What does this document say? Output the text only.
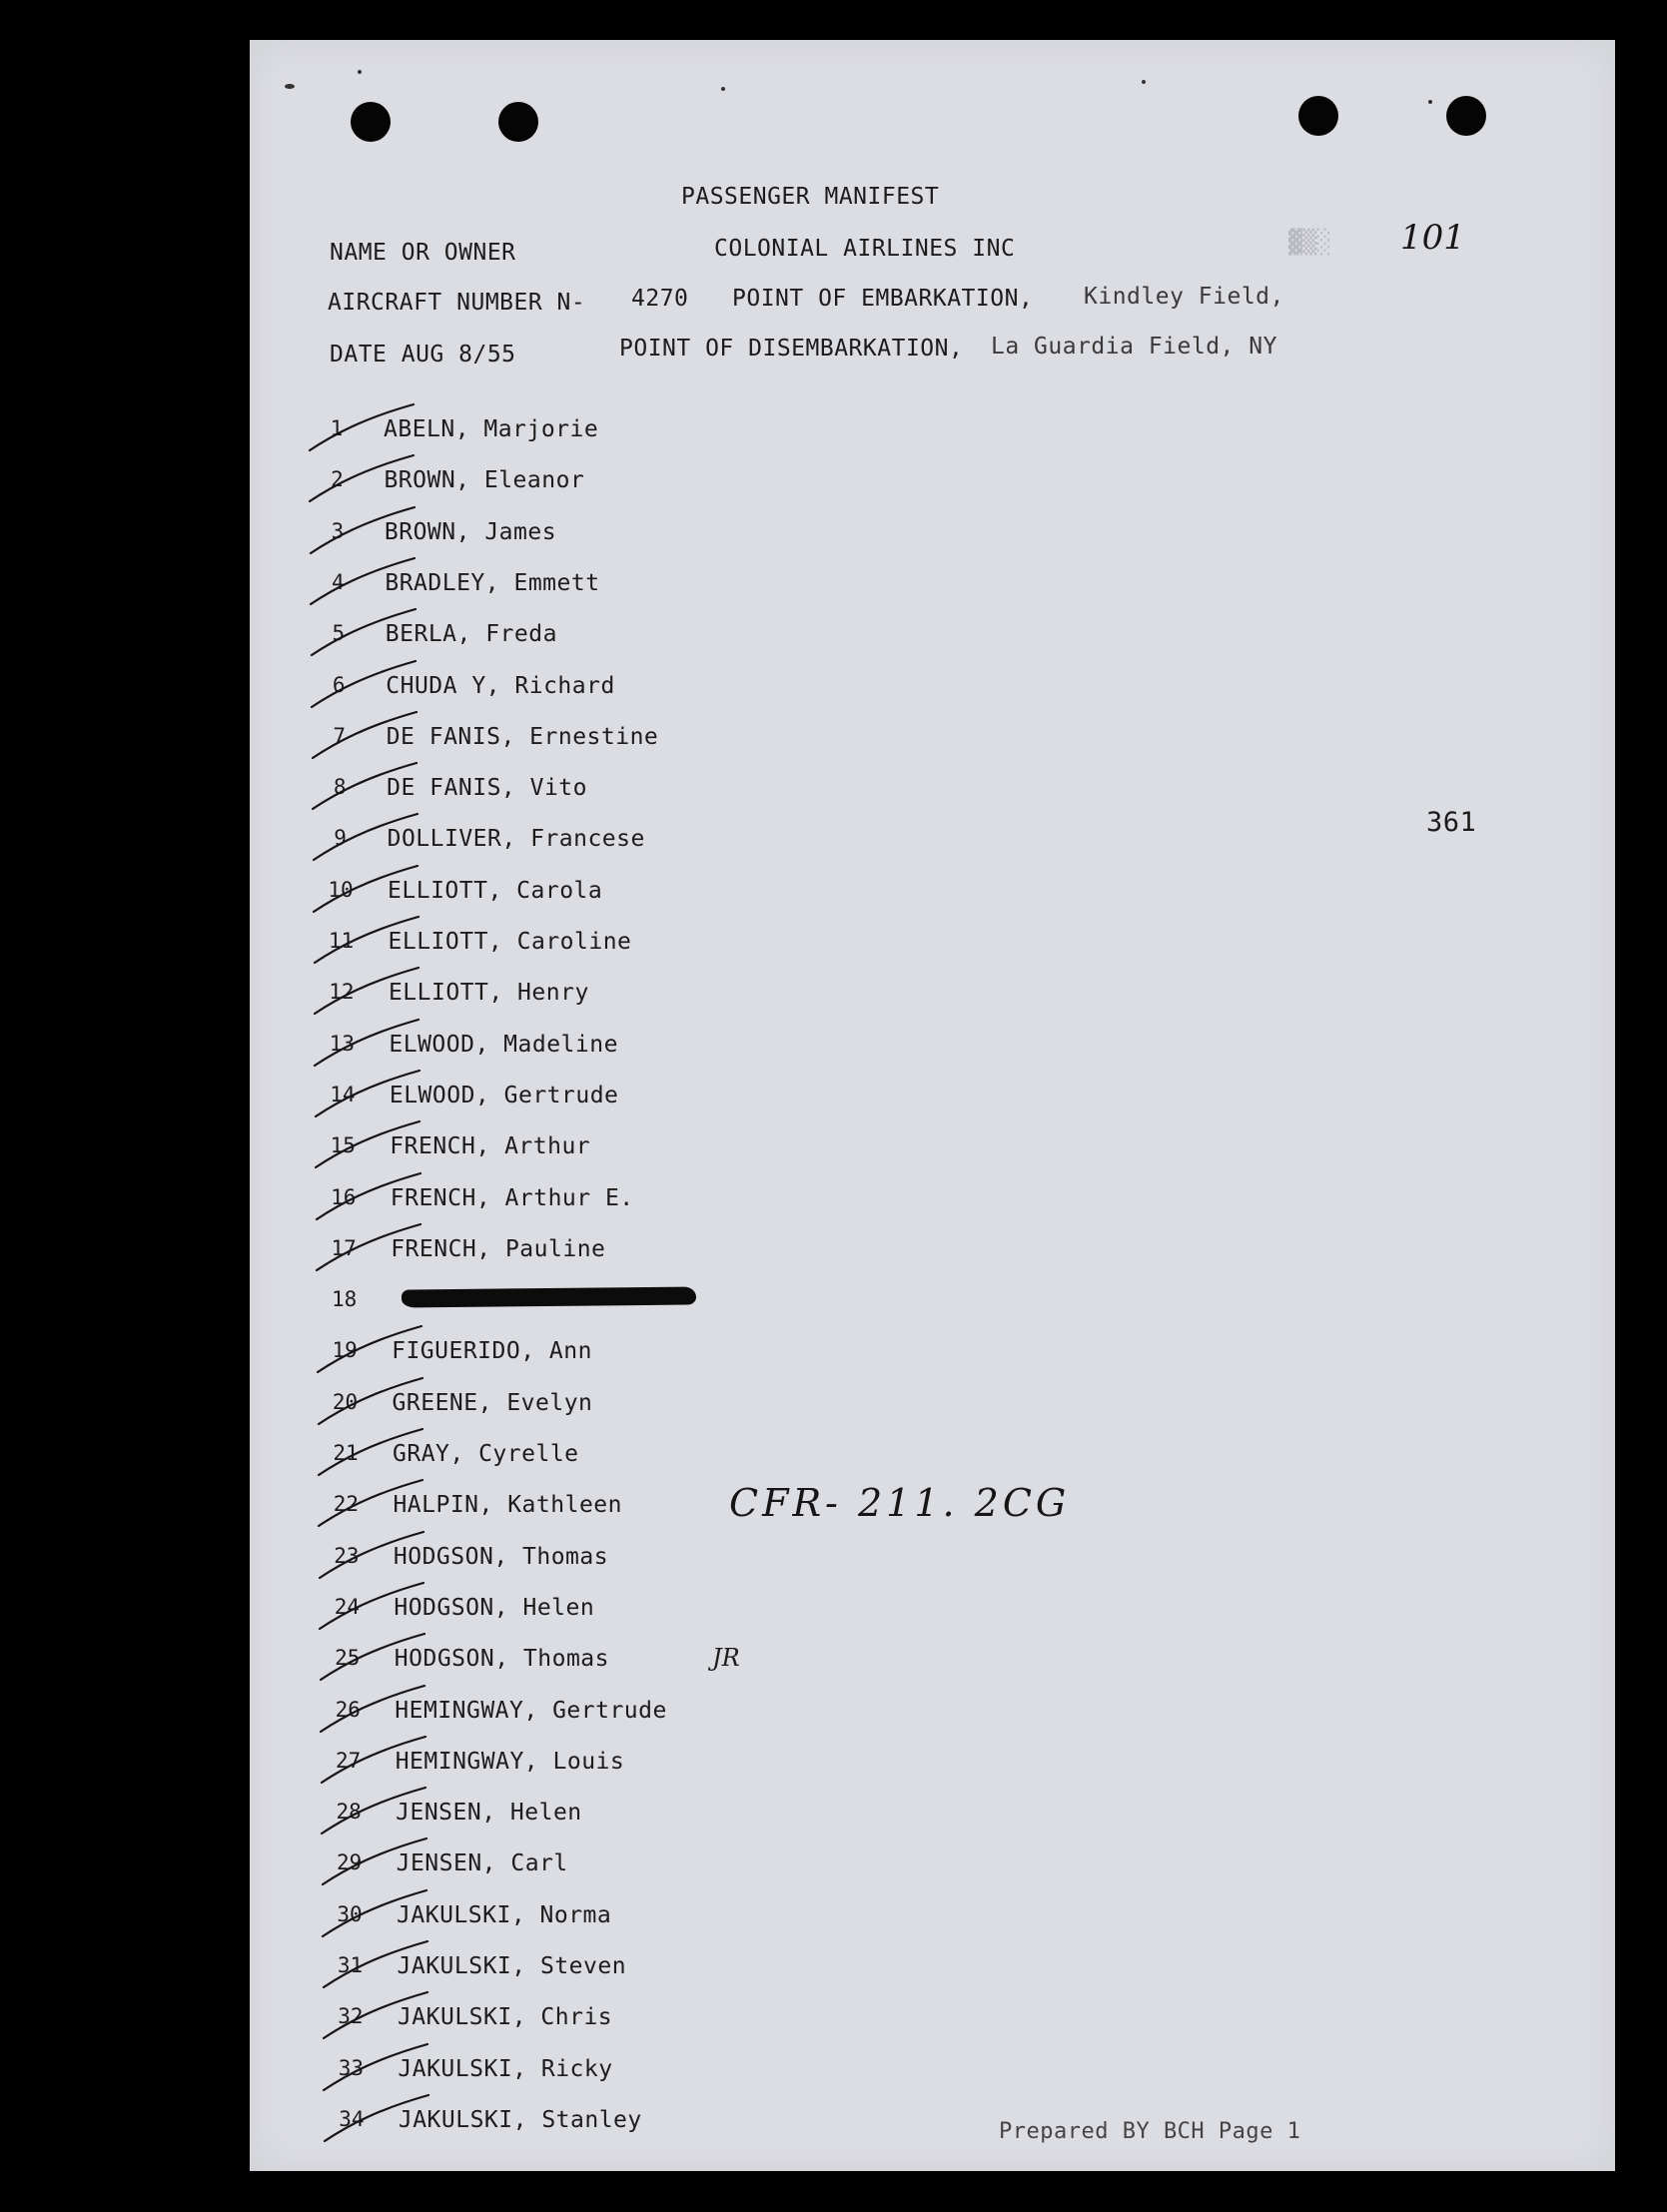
PASSENGER MANIFEST
NAME OR OWNER	COLONIAL AIRLINES INC	▓▒░ 101
AIRCRAFT NUMBER N- 4270 POINT OF EMBARKATION, Kindley Field,
DATE AUG 8/55	POINT OF DISEMBARKATION, La Guardia Field, NY
1	ABELN, Marjorie
2	BROWN, Eleanor
3	BROWN, James
4	BRADLEY, Emmett
5	BERLA, Freda
6	CHUDA Y, Richard
7	DE FANIS, Ernestine
8	DE FANIS, Vito
9	DOLLIVER, Francese
10	ELLIOTT, Carola
11	ELLIOTT, Caroline
12	ELLIOTT, Henry
13	ELWOOD, Madeline
14	ELWOOD, Gertrude
15	FRENCH, Arthur
16	FRENCH, Arthur E.
17	FRENCH, Pauline
18
19	FIGUERIDO, Ann
20	GREENE, Evelyn
21	GRAY, Cyrelle
22	HALPIN, Kathleen
23	HODGSON, Thomas
24	HODGSON, Helen
25	HODGSON, Thomas
26	HEMINGWAY, Gertrude
27	HEMINGWAY, Louis
28	JENSEN, Helen
29	JENSEN, Carl
30	JAKULSKI, Norma
31	JAKULSKI, Steven
32	JAKULSKI, Chris
33	JAKULSKI, Ricky
34	JAKULSKI, Stanley
CFR- 211. 2CG
JR
361
Prepared BY BCH Page 1
